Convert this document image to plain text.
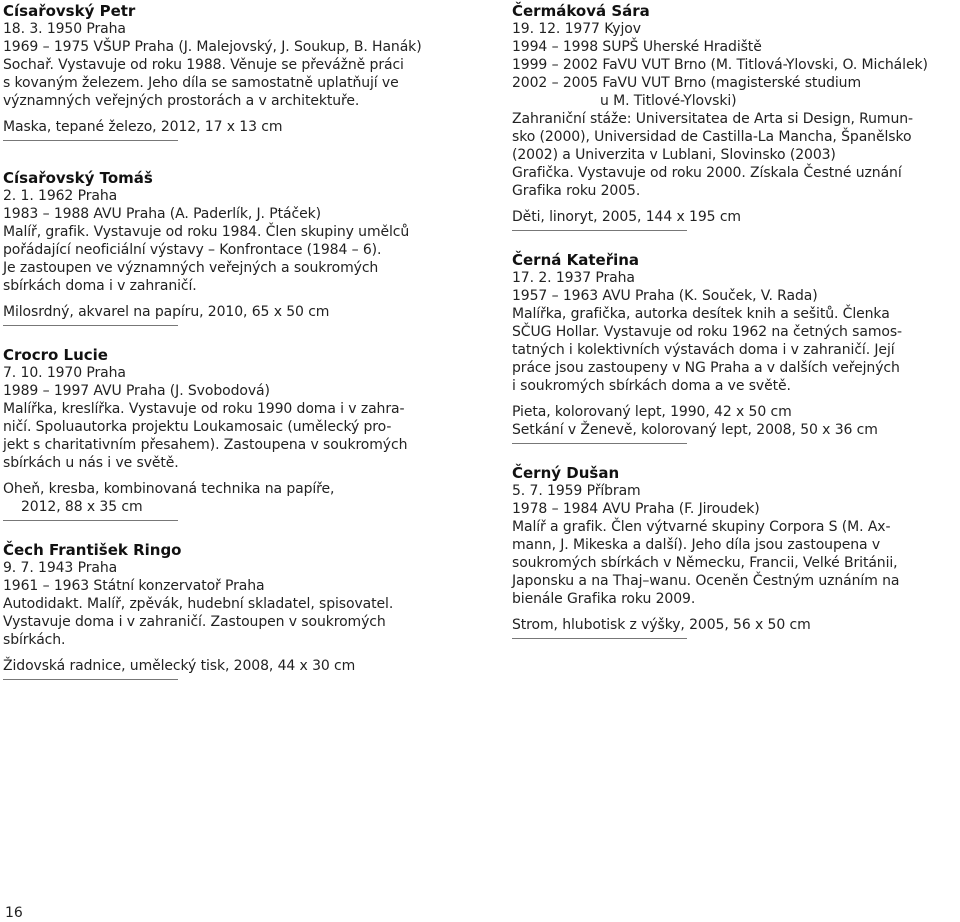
Císařovský Petr

18. 3. 1950 Praha

1969 – 1975 VŠUP Praha (J. Malejovský, J. Soukup, B. Hanák)

Sochař. Vystavuje od roku 1988. Věnuje se převážně práci

s kovaným železem. Jeho díla se samostatně uplatňují ve

významných veřejných prostorách a v architektuře.

Maska, tepané železo, 2012, 17 x 13 cm

Císařovský Tomáš

2. 1. 1962 Praha

1983 – 1988 AVU Praha (A. Paderlík, J. Ptáček)

Malíř, grafik. Vystavuje od roku 1984. Člen skupiny umělců

pořádající neoficiální výstavy – Konfrontace (1984 – 6).

Je zastoupen ve významných veřejných a soukromých

sbírkách doma i v zahraničí.

Milosrdný, akvarel na papíru, 2010, 65 x 50 cm

Crocro Lucie

7. 10. 1970 Praha

1989 – 1997 AVU Praha (J. Svobodová)

Malířka, kreslířka. Vystavuje od roku 1990 doma i v zahra-

ničí. Spoluautorka projektu Loukamosaic (umělecký pro-

jekt s charitativním přesahem). Zastoupena v soukromých

sbírkách u nás i ve světě.

Oheň, kresba, kombinovaná technika na papíře,

2012, 88 x 35 cm

Čech František Ringo

9. 7. 1943 Praha

1961 – 1963 Státní konzervatoř Praha

Autodidakt. Malíř, zpěvák, hudební skladatel, spisovatel.

Vystavuje doma i v zahraničí. Zastoupen v soukromých

sbírkách.

Židovská radnice, umělecký tisk, 2008, 44 x 30 cm

Čermáková Sára

19. 12. 1977 Kyjov

1994 – 1998 SUPŠ Uherské Hradiště

1999 – 2002 FaVU VUT Brno (M. Titlová-Ylovski, O. Michálek)

2002 – 2005 FaVU VUT Brno (magisterské studium

u M. Titlové-Ylovski)

Zahraniční stáže: Universitatea de Arta si Design, Rumun-

sko (2000), Universidad de Castilla-La Mancha, Španělsko

(2002) a Univerzita v Lublani, Slovinsko (2003)

Grafička. Vystavuje od roku 2000. Získala Čestné uznání

Grafika roku 2005.

Děti, linoryt, 2005, 144 x 195 cm

Černá Kateřina

17. 2. 1937 Praha

1957 – 1963 AVU Praha (K. Souček, V. Rada)

Malířka, grafička, autorka desítek knih a sešitů. Členka

SČUG Hollar. Vystavuje od roku 1962 na četných samos-

tatných i kolektivních výstavách doma i v zahraničí. Její

práce jsou zastoupeny v NG Praha a v dalších veřejných

i soukromých sbírkách doma a ve světě.

Pieta, kolorovaný lept, 1990, 42 x 50 cm

Setkání v Ženevě, kolorovaný lept, 2008, 50 x 36 cm

Černý Dušan

5. 7. 1959 Příbram

1978 – 1984 AVU Praha (F. Jiroudek)

Malíř a grafik. Člen výtvarné skupiny Corpora S (M. Ax-

mann, J. Mikeska a další). Jeho díla jsou zastoupena v

soukromých sbírkách v Německu, Francii, Velké Británii,

Japonsku a na Thaj–wanu. Oceněn Čestným uznáním na

bienále Grafika roku 2009.

Strom, hlubotisk z výšky, 2005, 56 x 50 cm

16
